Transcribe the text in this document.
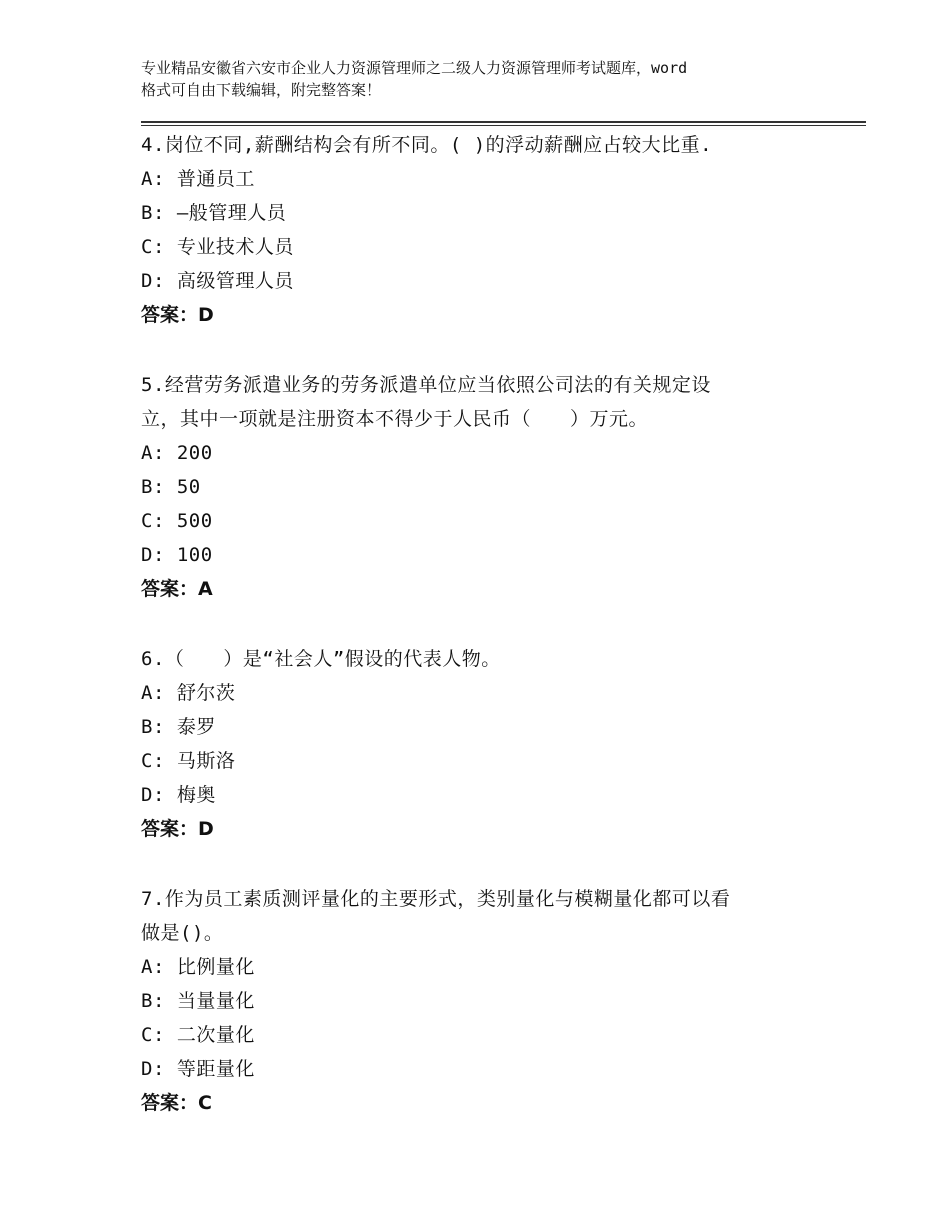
专业精品安徽省六安市企业人力资源管理师之二级人力资源管理师考试题库，word
格式可自由下载编辑，附完整答案！
4.岗位不同,薪酬结构会有所不同。( )的浮动薪酬应占较大比重.
A: 普通员工
B: —般管理人员
C: 专业技术人员
D: 高级管理人员
答案：D
5.经营劳务派遣业务的劳务派遣单位应当依照公司法的有关规定设
立，其中一项就是注册资本不得少于人民币（　　）万元。
A: 200
B: 50
C: 500
D: 100
答案：A
6.（　　）是“社会人”假设的代表人物。
A: 舒尔茨
B: 泰罗
C: 马斯洛
D: 梅奥
答案：D
7.作为员工素质测评量化的主要形式，类别量化与模糊量化都可以看
做是()。
A: 比例量化
B: 当量量化
C: 二次量化
D: 等距量化
答案：C
